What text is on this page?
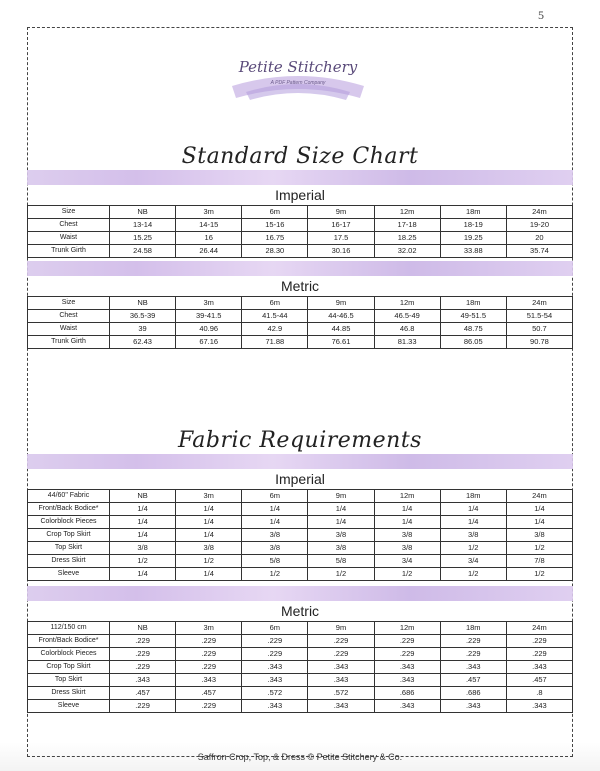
5
Petite Stitchery
A PDF Pattern Company
Standard Size Chart
Imperial
Size	NB	3m	6m	9m	12m	18m	24m
Chest	13-14	14-15	15-16	16-17	17-18	18-19	19-20
Waist	15.25	16	16.75	17.5	18.25	19.25	20
Trunk Girth	24.58	26.44	28.30	30.16	32.02	33.88	35.74
Metric
Size	NB	3m	6m	9m	12m	18m	24m
Chest	36.5-39	39-41.5	41.5-44	44-46.5	46.5-49	49-51.5	51.5-54
Waist	39	40.96	42.9	44.85	46.8	48.75	50.7
Trunk Girth	62.43	67.16	71.88	76.61	81.33	86.05	90.78
Fabric Requirements
Imperial
44/60" Fabric	NB	3m	6m	9m	12m	18m	24m
Front/Back Bodice*	1/4	1/4	1/4	1/4	1/4	1/4	1/4
Colorblock Pieces	1/4	1/4	1/4	1/4	1/4	1/4	1/4
Crop Top Skirt	1/4	1/4	3/8	3/8	3/8	3/8	3/8
Top Skirt	3/8	3/8	3/8	3/8	3/8	1/2	1/2
Dress Skirt	1/2	1/2	5/8	5/8	3/4	3/4	7/8
Sleeve	1/4	1/4	1/2	1/2	1/2	1/2	1/2
Metric
112/150 cm	NB	3m	6m	9m	12m	18m	24m
Front/Back Bodice*	.229	.229	.229	.229	.229	.229	.229
Colorblock Pieces	.229	.229	.229	.229	.229	.229	.229
Crop Top Skirt	.229	.229	.343	.343	.343	.343	.343
Top Skirt	.343	.343	.343	.343	.343	.457	.457
Dress Skirt	.457	.457	.572	.572	.686	.686	.8
Sleeve	.229	.229	.343	.343	.343	.343	.343
Saffron Crop, Top, & Dress © Petite Stitchery & Co.
